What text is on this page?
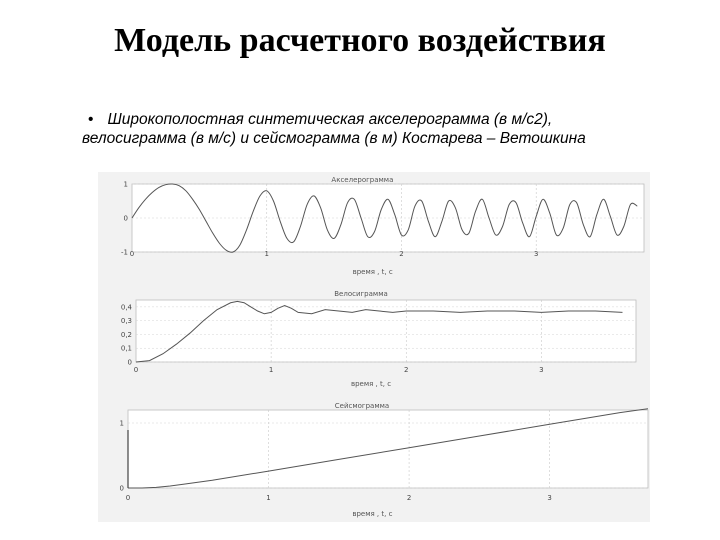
Модель расчетного воздействия
• Широкополостная синтетическая акселерограмма (в м/с2),
велосиграмма (в м/с) и сейсмограмма (в м) Костарева – Ветошкина
0	1	2	3
1
0
-1
Акселерограмма
время , t, c
0	1	2	3
0,4
0,3
0,2
0,1
0
Велосиграмма
время , t, c
0	1	2	3
1
0
Сейсмограмма
время , t, c
